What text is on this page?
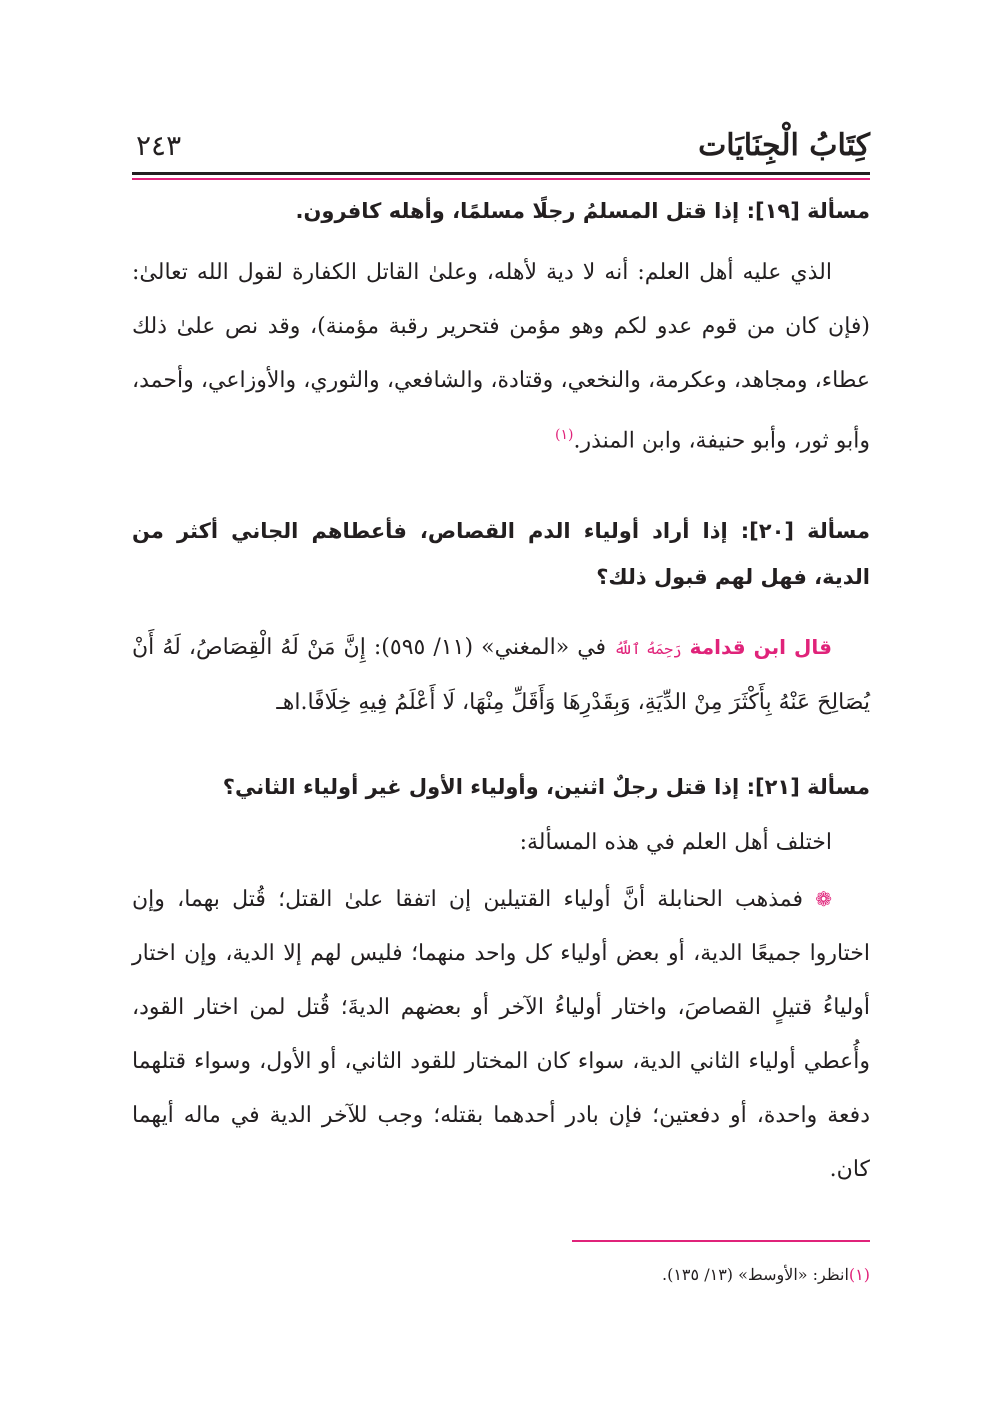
كِتَابُ الْجِنَايَات
٢٤٣
مسألة [١٩]: إذا قتل المسلمُ رجلًا مسلمًا، وأهله كافرون.
الذي عليه أهل العلم: أنه لا دية لأهله، وعلىٰ القاتل الكفارة لقول الله تعالىٰ: (فإن كان من قوم عدو لكم وهو مؤمن فتحرير رقبة مؤمنة)، وقد نص علىٰ ذلك عطاء، ومجاهد، وعكرمة، والنخعي، وقتادة، والشافعي، والثوري، والأوزاعي، وأحمد، وأبو ثور، وأبو حنيفة، وابن المنذر.$^{(١)}$
مسألة [٢٠]: إذا أراد أولياء الدم القصاص، فأعطاهم الجاني أكثر من الدية، فهل لهم قبول ذلك؟
قال ابن قدامة رَحِمَهُ ٱللَّهُ في «المغني» (١١/ ٥٩٥): إِنَّ مَنْ لَهُ الْقِصَاصُ، لَهُ أَنْ يُصَالِحَ عَنْهُ بِأَكْثَرَ مِنْ الدِّيَةِ، وَبِقَدْرِهَا وَأَقَلِّ مِنْهَا، لَا أَعْلَمُ فِيهِ خِلَافًا.اهـ
مسألة [٢١]: إذا قتل رجلٌ اثنين، وأولياء الأول غير أولياء الثاني؟
اختلف أهل العلم في هذه المسألة:
❁ فمذهب الحنابلة أنَّ أولياء القتيلين إن اتفقا علىٰ القتل؛ قُتل بهما، وإن اختاروا جميعًا الدية، أو بعض أولياء كل واحد منهما؛ فليس لهم إلا الدية، وإن اختار أولياءُ قتيلٍ القصاصَ، واختار أولياءُ الآخر أو بعضهم الديةَ؛ قُتل لمن اختار القود، وأُعطي أولياء الثاني الدية، سواء كان المختار للقود الثاني، أو الأول، وسواء قتلهما دفعة واحدة، أو دفعتين؛ فإن بادر أحدهما بقتله؛ وجب للآخر الدية في ماله أيهما كان.
(١)انظر: «الأوسط» (١٣/ ١٣٥).
